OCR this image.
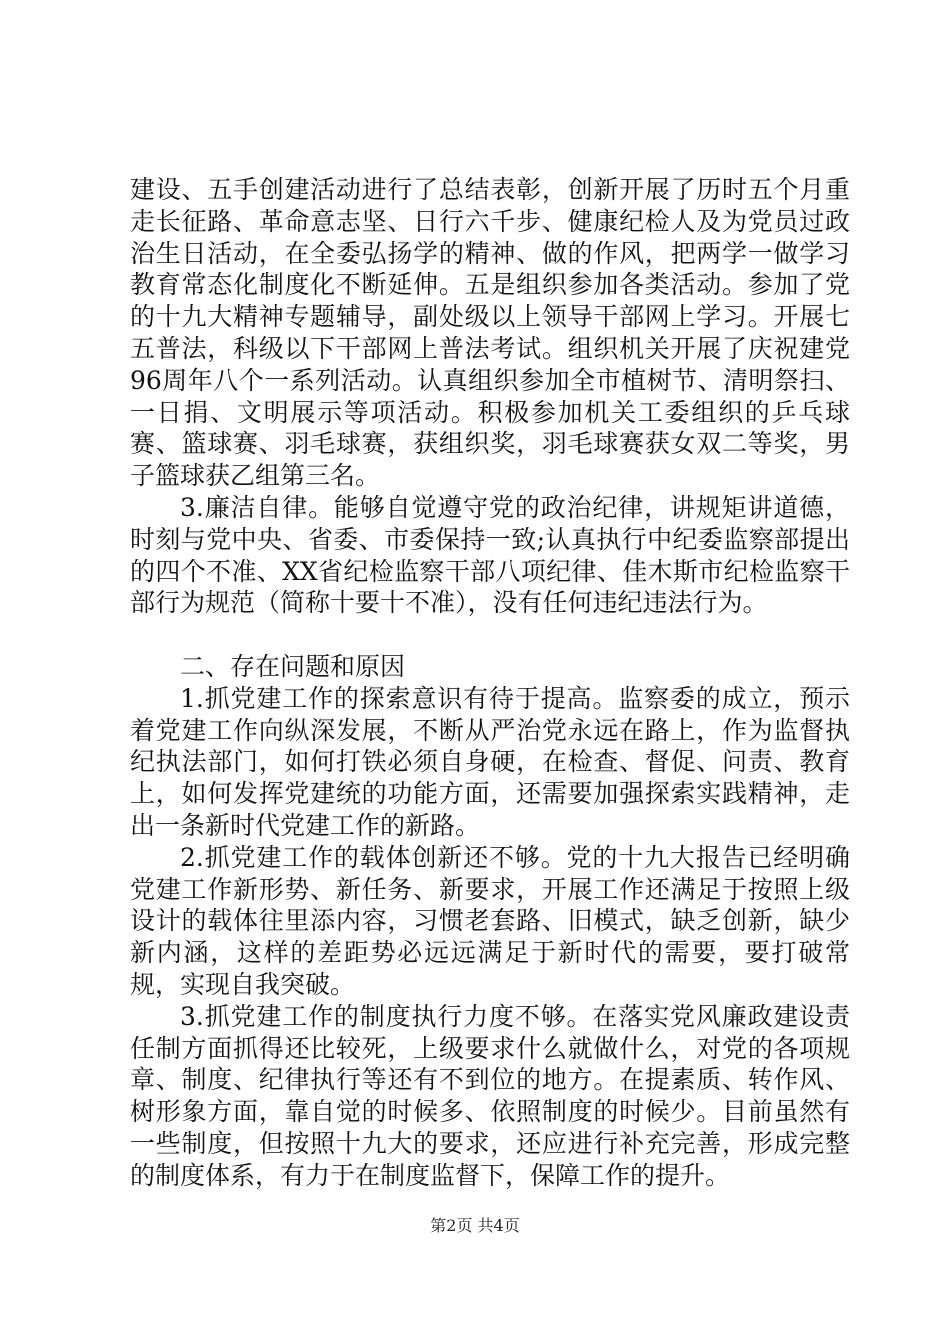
建设、五手创建活动进行了总结表彰，创新开展了历时五个月重走长征路、革命意志坚、日行六千步、健康纪检人及为党员过政治生日活动，在全委弘扬学的精神、做的作风，把两学一做学习教育常态化制度化不断延伸。五是组织参加各类活动。参加了党的十九大精神专题辅导，副处级以上领导干部网上学习。开展七五普法，科级以下干部网上普法考试。组织机关开展了庆祝建党96周年八个一系列活动。认真组织参加全市植树节、清明祭扫、一日捐、文明展示等项活动。积极参加机关工委组织的乒乓球赛、篮球赛、羽毛球赛，获组织奖，羽毛球赛获女双二等奖，男子篮球获乙组第三名。

3.廉洁自律。能够自觉遵守党的政治纪律，讲规矩讲道德，时刻与党中央、省委、市委保持一致;认真执行中纪委监察部提出的四个不准、XX省纪检监察干部八项纪律、佳木斯市纪检监察干部行为规范（简称十要十不准），没有任何违纪违法行为。

二、存在问题和原因

1.抓党建工作的探索意识有待于提高。监察委的成立，预示着党建工作向纵深发展，不断从严治党永远在路上，作为监督执纪执法部门，如何打铁必须自身硬，在检查、督促、问责、教育上，如何发挥党建统的功能方面，还需要加强探索实践精神，走出一条新时代党建工作的新路。

2.抓党建工作的载体创新还不够。党的十九大报告已经明确党建工作新形势、新任务、新要求，开展工作还满足于按照上级设计的载体往里添内容，习惯老套路、旧模式，缺乏创新，缺少新内涵，这样的差距势必远远满足于新时代的需要，要打破常规，实现自我突破。

3.抓党建工作的制度执行力度不够。在落实党风廉政建设责任制方面抓得还比较死，上级要求什么就做什么，对党的各项规章、制度、纪律执行等还有不到位的地方。在提素质、转作风、树形象方面，靠自觉的时候多、依照制度的时候少。目前虽然有一些制度，但按照十九大的要求，还应进行补充完善，形成完整的制度体系，有力于在制度监督下，保障工作的提升。

第2页 共4页
